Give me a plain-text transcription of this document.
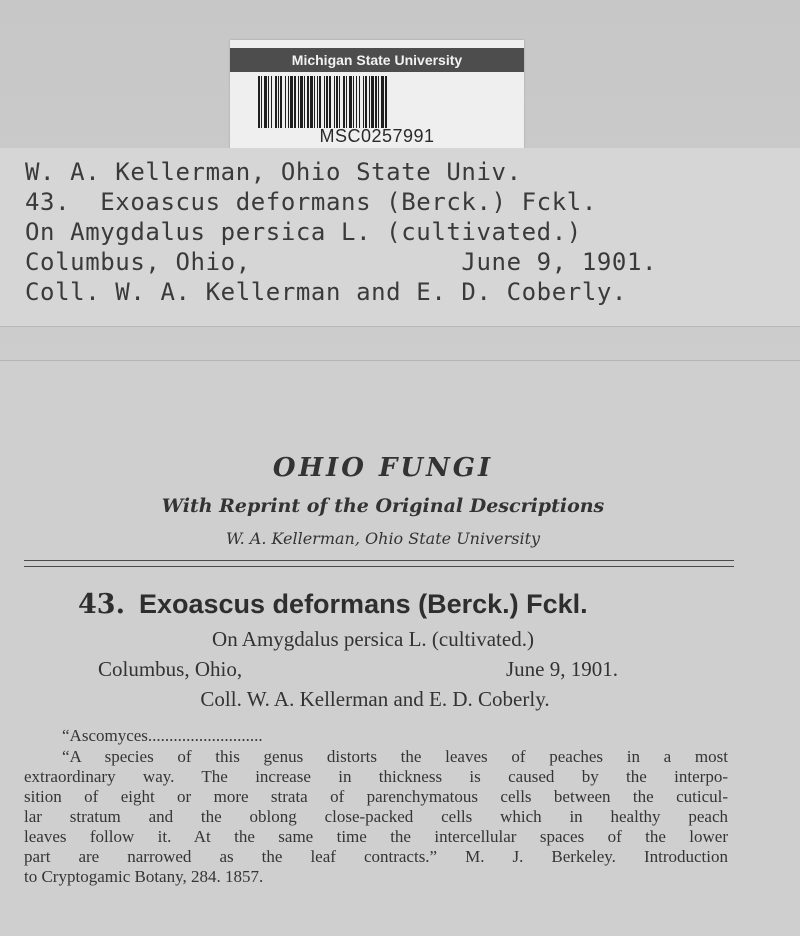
Michigan State University
MSC0257991
W. A. Kellerman, Ohio State Univ.
43.  Exoascus deformans (Berck.) Fckl.
On Amygdalus persica L. (cultivated.)
Columbus, Ohio,              June 9, 1901.
Coll. W. A. Kellerman and E. D. Coberly.
OHIO FUNGI
With Reprint of the Original Descriptions
W. A. Kellerman, Ohio State University
43. Exoascus deformans (Berck.) Fckl.
On Amygdalus persica L. (cultivated.)
Columbus, Ohio,	June 9, 1901.
Coll. W. A. Kellerman and E. D. Coberly.
“Ascomyces...........................
“A species of this genus distorts the leaves of peaches in a most
extraordinary way. The increase in thickness is caused by the interpo-
sition of eight or more strata of parenchymatous cells between the cuticul-
lar stratum and the oblong close-packed cells which in healthy peach
leaves follow it. At the same time the intercellular spaces of the lower
part are narrowed as the leaf contracts.” M. J. Berkeley. Introduction
to Cryptogamic Botany, 284. 1857.
